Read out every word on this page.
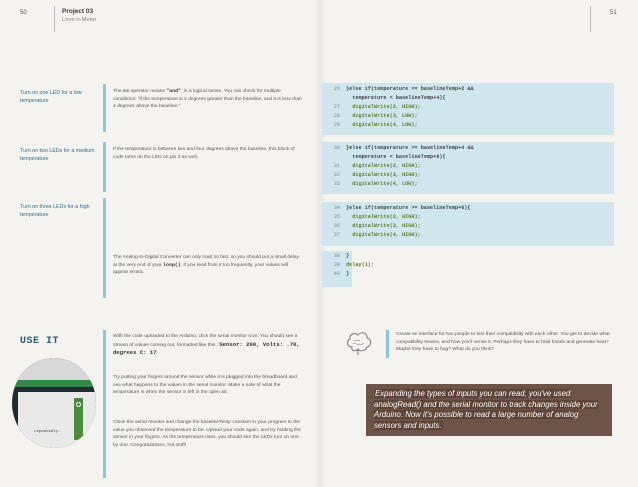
50	Project 03
Love-o-Meter
51
Turn on one LED for a low temperature
The && operator means "and", in a logical sense. You can check for multiple conditions: "if the temperature is 2 degrees greater than the baseline, and it is less than 4 degrees above the baseline."
Turn on two LEDs for a medium temperature
If the temperature is between two and four degrees above the baseline, this block of code turns on the LED on pin 3 as well.
Turn on three LEDs for a high temperature
The Analog-to-Digital Converter can only read so fast, so you should put a small delay at the very end of your loop(). If you read from it too frequently, your values will appear erratic.
26 }else if(temperature >= baselineTemp+2 &&
temperature < baselineTemp+4){
27  digitalWrite(2, HIGH);
28  digitalWrite(3, LOW);
29  digitalWrite(4, LOW);
30 }else if(temperature >= baselineTemp+4 &&
temperature < baselineTemp+6){
31  digitalWrite(2, HIGH);
32  digitalWrite(3, HIGH);
33  digitalWrite(4, LOW);
34 }else if(temperature >= baselineTemp+6){
35  digitalWrite(2, HIGH);
36  digitalWrite(3, HIGH);
37  digitalWrite(4, HIGH);
38 }
39 delay(1);
40 }
USE IT
repeatedly.
With the code uploaded to the Arduino, click the serial monitor icon. You should see a stream of values coming out, formatted like this : Sensor: 200, Volts: .70, degrees C: 17
Try putting your fingers around the sensor while it is plugged into the breadboard and see what happens to the values in the serial monitor. Make a note of what the temperature is when the sensor is left in the open air.
Close the serial monitor and change the baselineTemp constant in your program to the value you observed the temperature to be. Upload your code again, and try holding the sensor in your fingers. As the temperature rises, you should see the LEDs turn on one by one. Congratulations, hot stuff!
Create an interface for two people to test their compatibility with each other. You get to decide what compatibility means, and how you'll sense it. Perhaps they have to hold hands and generate heat? Maybe they have to hug? What do you think?
Expanding the types of inputs you can read, you've used analogRead() and the serial monitor to track changes inside your Arduino. Now it's possible to read a large number of analog sensors and inputs.
